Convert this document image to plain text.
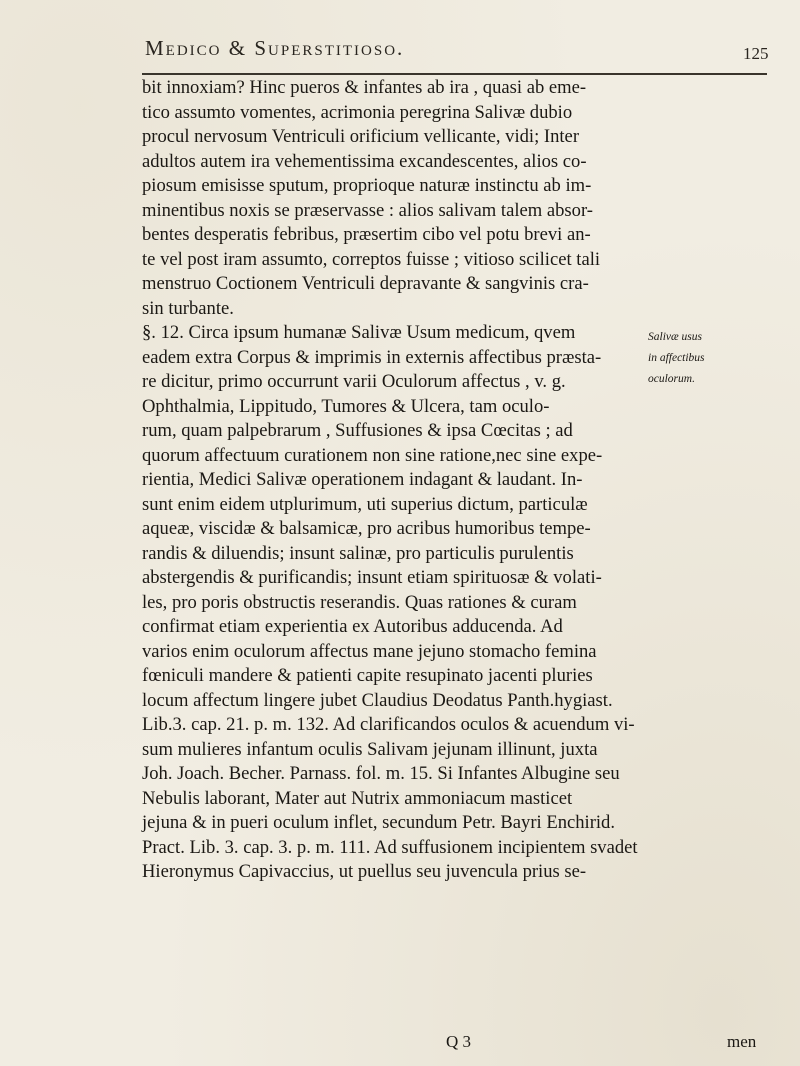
Medico & Superstitioso.	125
bit innoxiam? Hinc pueros & infantes ab ira , quasi ab eme-
tico assumto vomentes, acrimonia peregrina Salivæ dubio
procul nervosum Ventriculi orificium vellicante, vidi; Inter
adultos autem ira vehementissima excandescentes, alios co-
piosum emisisse sputum, proprioque naturæ instinctu ab im-
minentibus noxis se præservasse : alios salivam talem absor-
bentes desperatis febribus, præsertim cibo vel potu brevi an-
te vel post iram assumto, correptos fuisse ; vitioso scilicet tali
menstruo Coctionem Ventriculi depravante & sangvinis cra-
sin turbante.
§. 12. Circa ipsum humanæ Salivæ Usum medicum, qvem
eadem extra Corpus & imprimis in externis affectibus præsta-
re dicitur, primo occurrunt varii Oculorum affectus , v. g.
Ophthalmia, Lippitudo, Tumores & Ulcera, tam oculo-
rum, quam palpebrarum , Suffusiones & ipsa Cœcitas ; ad
quorum affectuum curationem non sine ratione,nec sine expe-
rientia, Medici Salivæ operationem indagant & laudant. In-
sunt enim eidem utplurimum, uti superius dictum, particulæ
aqueæ, viscidæ & balsamicæ, pro acribus humoribus tempe-
randis & diluendis; insunt salinæ, pro particulis purulentis
abstergendis & purificandis; insunt etiam spirituosæ & volati-
les, pro poris obstructis reserandis. Quas rationes & curam
confirmat etiam experientia ex Autoribus adducenda. Ad
varios enim oculorum affectus mane jejuno stomacho femina
fœniculi mandere & patienti capite resupinato jacenti pluries
locum affectum lingere jubet Claudius Deodatus Panth.hygiast.
Lib.3. cap. 21. p. m. 132. Ad clarificandos oculos & acuendum vi-
sum mulieres infantum oculis Salivam jejunam illinunt, juxta
Joh. Joach. Becher. Parnass. fol. m. 15. Si Infantes Albugine seu
Nebulis laborant, Mater aut Nutrix ammoniacum masticet
jejuna & in pueri oculum inflet, secundum Petr. Bayri Enchirid.
Pract. Lib. 3. cap. 3. p. m. 111. Ad suffusionem incipientem svadet
Hieronymus Capivaccius, ut puellus seu juvencula prius se-
Salivæ usus
in affectibus
oculorum.
Q 3	men
